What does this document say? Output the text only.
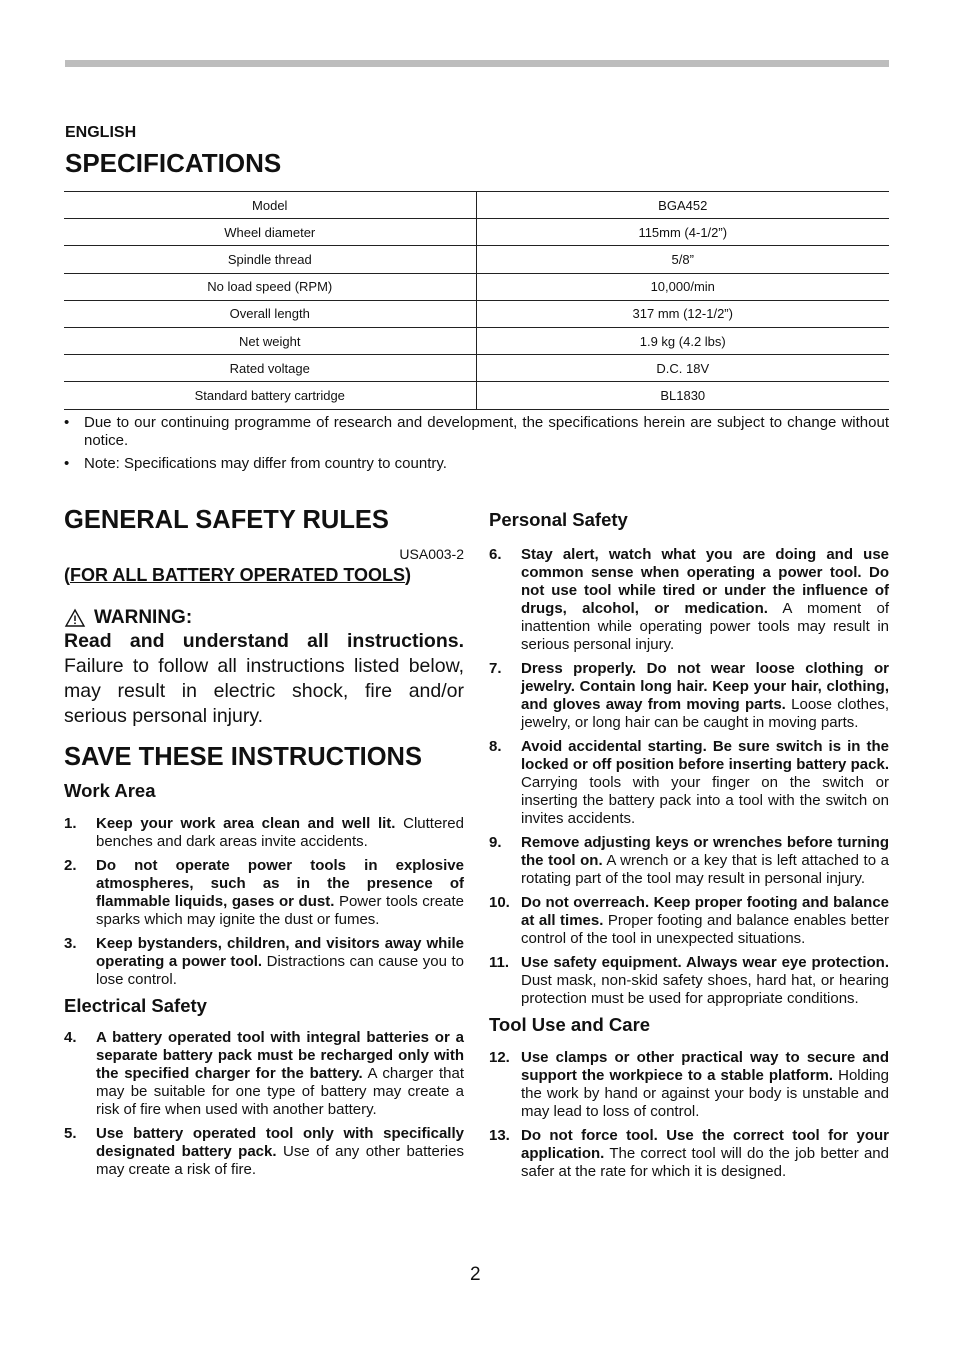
ENGLISH
SPECIFICATIONS
Model	BGA452
Wheel diameter	115mm (4-1/2”)
Spindle thread	5/8”
No load speed (RPM)	10,000/min
Overall length	317 mm (12-1/2”)
Net weight	1.9 kg (4.2 lbs)
Rated voltage	D.C. 18V
Standard battery cartridge	BL1830
• Due to our continuing programme of research and development, the specifications herein are subject to change without notice.
• Note: Specifications may differ from country to country.
GENERAL SAFETY RULES
USA003-2
(FOR ALL BATTERY OPERATED TOOLS)
WARNING:
Read and understand all instructions. Failure to follow all instructions listed below, may result in electric shock, fire and/or serious personal injury.
SAVE THESE INSTRUCTIONS
Work Area
1. Keep your work area clean and well lit. Cluttered benches and dark areas invite accidents.
2. Do not operate power tools in explosive atmospheres, such as in the presence of flammable liquids, gases or dust. Power tools create sparks which may ignite the dust or fumes.
3. Keep bystanders, children, and visitors away while operating a power tool. Distractions can cause you to lose control.
Electrical Safety
4. A battery operated tool with integral batteries or a separate battery pack must be recharged only with the specified charger for the battery. A charger that may be suitable for one type of battery may create a risk of fire when used with another battery.
5. Use battery operated tool only with specifically designated battery pack. Use of any other batteries may create a risk of fire.
Personal Safety
6. Stay alert, watch what you are doing and use common sense when operating a power tool. Do not use tool while tired or under the influence of drugs, alcohol, or medication. A moment of inattention while operating power tools may result in serious personal injury.
7. Dress properly. Do not wear loose clothing or jewelry. Contain long hair. Keep your hair, clothing, and gloves away from moving parts. Loose clothes, jewelry, or long hair can be caught in moving parts.
8. Avoid accidental starting. Be sure switch is in the locked or off position before inserting battery pack. Carrying tools with your finger on the switch or inserting the battery pack into a tool with the switch on invites accidents.
9. Remove adjusting keys or wrenches before turning the tool on. A wrench or a key that is left attached to a rotating part of the tool may result in personal injury.
10. Do not overreach. Keep proper footing and balance at all times. Proper footing and balance enables better control of the tool in unexpected situations.
11. Use safety equipment. Always wear eye protection. Dust mask, non-skid safety shoes, hard hat, or hearing protection must be used for appropriate conditions.
Tool Use and Care
12. Use clamps or other practical way to secure and support the workpiece to a stable platform. Holding the work by hand or against your body is unstable and may lead to loss of control.
13. Do not force tool. Use the correct tool for your application. The correct tool will do the job better and safer at the rate for which it is designed.
2
